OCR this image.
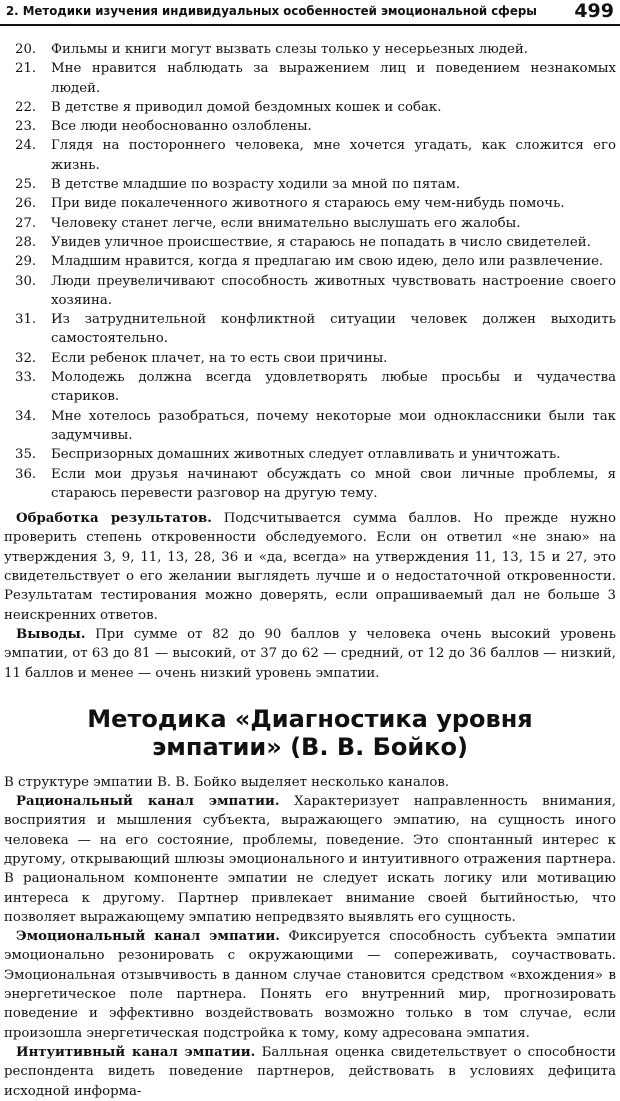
2. Методики изучения индивидуальных особенностей эмоциональной сферы 499
20. Фильмы и книги могут вызвать слезы только у несерьезных людей.
21. Мне нравится наблюдать за выражением лиц и поведением незнакомых людей.
22. В детстве я приводил домой бездомных кошек и собак.
23. Все люди необоснованно озлоблены.
24. Глядя на постороннего человека, мне хочется угадать, как сложится его жизнь.
25. В детстве младшие по возрасту ходили за мной по пятам.
26. При виде покалеченного животного я стараюсь ему чем-нибудь помочь.
27. Человеку станет легче, если внимательно выслушать его жалобы.
28. Увидев уличное происшествие, я стараюсь не попадать в число свидетелей.
29. Младшим нравится, когда я предлагаю им свою идею, дело или развлечение.
30. Люди преувеличивают способность животных чувствовать настроение своего хозяина.
31. Из затруднительной конфликтной ситуации человек должен выходить самостоятельно.
32. Если ребенок плачет, на то есть свои причины.
33. Молодежь должна всегда удовлетворять любые просьбы и чудачества стариков.
34. Мне хотелось разобраться, почему некоторые мои одноклассники были так задумчивы.
35. Беспризорных домашних животных следует отлавливать и уничтожать.
36. Если мои друзья начинают обсуждать со мной свои личные проблемы, я стараюсь перевести разговор на другую тему.

Обработка результатов. Подсчитывается сумма баллов. Но прежде нужно проверить степень откровенности обследуемого. Если он ответил «не знаю» на утверждения 3, 9, 11, 13, 28, 36 и «да, всегда» на утверждения 11, 13, 15 и 27, это свидетельствует о его желании выглядеть лучше и о недостаточной откровенности. Результатам тестирования можно доверять, если опрашиваемый дал не больше 3 неискренних ответов.

Выводы. При сумме от 82 до 90 баллов у человека очень высокий уровень эмпатии, от 63 до 81 — высокий, от 37 до 62 — средний, от 12 до 36 баллов — низкий, 11 баллов и менее — очень низкий уровень эмпатии.

Методика «Диагностика уровня
эмпатии» (В. В. Бойко)

В структуре эмпатии В. В. Бойко выделяет несколько каналов.

Рациональный канал эмпатии. Характеризует направленность внимания, восприятия и мышления субъекта, выражающего эмпатию, на сущность иного человека — на его состояние, проблемы, поведение. Это спонтанный интерес к другому, открывающий шлюзы эмоционального и интуитивного отражения партнера. В рациональном компоненте эмпатии не следует искать логику или мотивацию интереса к другому. Партнер привлекает внимание своей бытийностью, что позволяет выражающему эмпатию непредвзято выявлять его сущность.

Эмоциональный канал эмпатии. Фиксируется способность субъекта эмпатии эмоционально резонировать с окружающими — сопереживать, соучаствовать. Эмоциональная отзывчивость в данном случае становится средством «вхождения» в энергетическое поле партнера. Понять его внутренний мир, прогнозировать поведение и эффективно воздействовать возможно только в том случае, если произошла энергетическая подстройка к тому, кому адресована эмпатия.

Интуитивный канал эмпатии. Балльная оценка свидетельствует о способности респондента видеть поведение партнеров, действовать в условиях дефицита исходной информа-
